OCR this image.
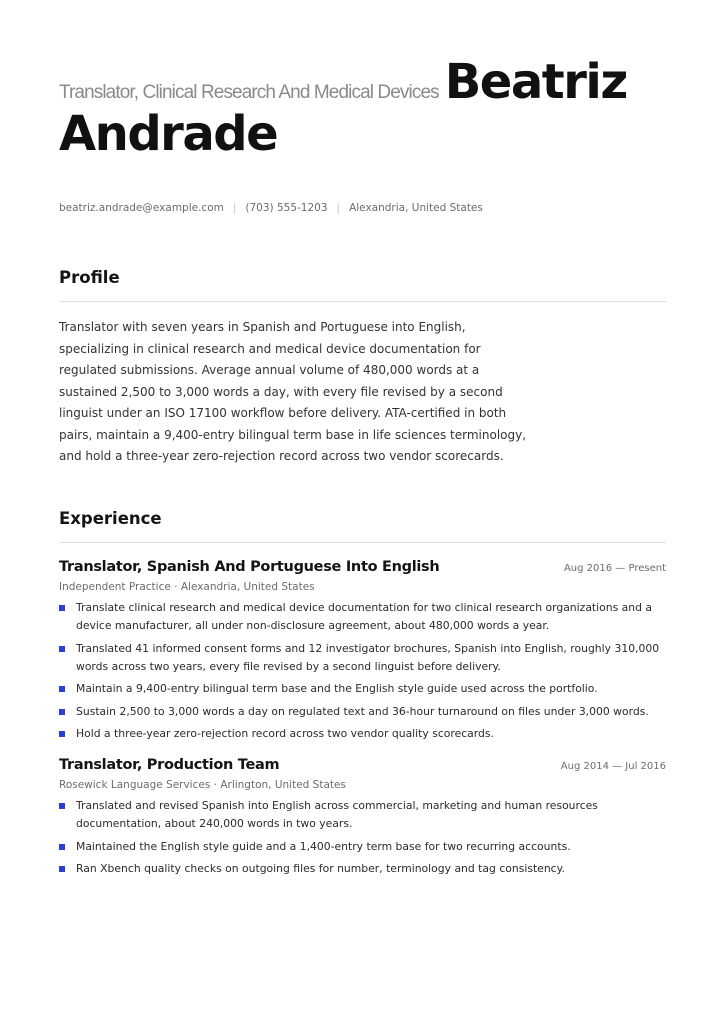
Translator, Clinical Research And Medical Devices Beatriz
Andrade
beatriz.andrade@example.com | (703) 555-1203 | Alexandria, United States
Profile
Translator with seven years in Spanish and Portuguese into English, specializing in clinical research and medical device documentation for regulated submissions. Average annual volume of 480,000 words at a sustained 2,500 to 3,000 words a day, with every file revised by a second linguist under an ISO 17100 workflow before delivery. ATA-certified in both pairs, maintain a 9,400-entry bilingual term base in life sciences terminology, and hold a three-year zero-rejection record across two vendor scorecards.
Experience
Translator, Spanish And Portuguese Into English	Aug 2016 — Present
Independent Practice · Alexandria, United States
Translate clinical research and medical device documentation for two clinical research organizations and a device manufacturer, all under non-disclosure agreement, about 480,000 words a year.
Translated 41 informed consent forms and 12 investigator brochures, Spanish into English, roughly 310,000 words across two years, every file revised by a second linguist before delivery.
Maintain a 9,400-entry bilingual term base and the English style guide used across the portfolio.
Sustain 2,500 to 3,000 words a day on regulated text and 36-hour turnaround on files under 3,000 words.
Hold a three-year zero-rejection record across two vendor quality scorecards.
Translator, Production Team	Aug 2014 — Jul 2016
Rosewick Language Services · Arlington, United States
Translated and revised Spanish into English across commercial, marketing and human resources documentation, about 240,000 words in two years.
Maintained the English style guide and a 1,400-entry term base for two recurring accounts.
Ran Xbench quality checks on outgoing files for number, terminology and tag consistency.
